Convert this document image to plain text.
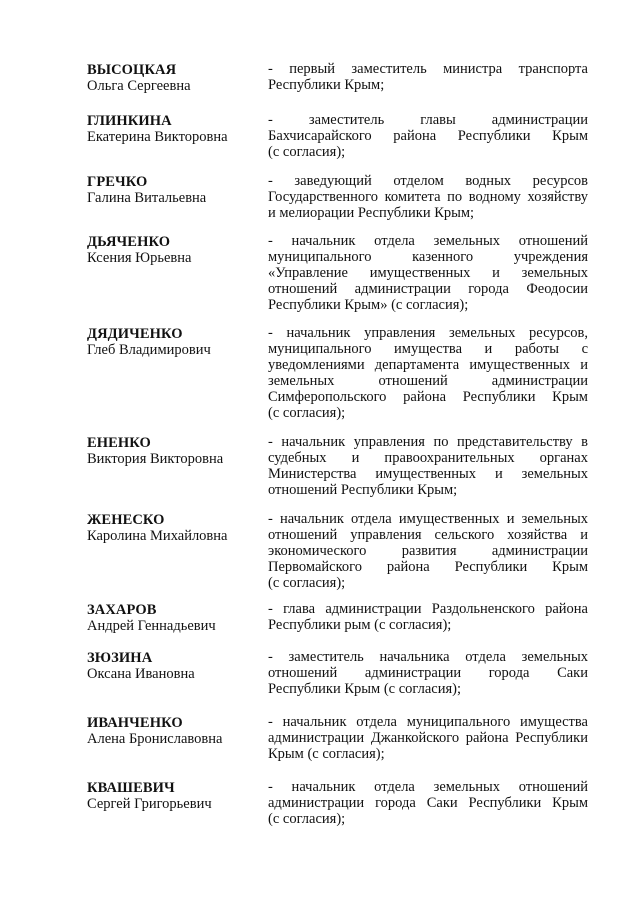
ВЫСОЦКАЯ
Ольга Сергеевна
- первый заместитель министра транспорта
Республики Крым;
ГЛИНКИНА
Екатерина Викторовна
- заместитель главы администрации
Бахчисарайского района Республики Крым
(с согласия);
ГРЕЧКО
Галина Витальевна
- заведующий отделом водных ресурсов
Государственного комитета по водному хозяйству
и мелиорации Республики Крым;
ДЬЯЧЕНКО
Ксения Юрьевна
- начальник отдела земельных отношений
муниципального казенного учреждения
«Управление имущественных и земельных
отношений администрации города Феодосии
Республики Крым» (с согласия);
ДЯДИЧЕНКО
Глеб Владимирович
- начальник управления земельных ресурсов,
муниципального имущества и работы с
уведомлениями департамента имущественных и
земельных отношений администрации
Симферопольского района Республики Крым
(с согласия);
ЕНЕНКО
Виктория Викторовна
- начальник управления по представительству в
судебных и правоохранительных органах
Министерства имущественных и земельных
отношений Республики Крым;
ЖЕНЕСКО
Каролина Михайловна
- начальник отдела имущественных и земельных
отношений управления сельского хозяйства и
экономического развития администрации
Первомайского района Республики Крым
(с согласия);
ЗАХАРОВ
Андрей Геннадьевич
- глава администрации Раздольненского района
Республики рым (с согласия);
ЗЮЗИНА
Оксана Ивановна
- заместитель начальника отдела земельных
отношений администрации города Саки
Республики Крым (с согласия);
ИВАНЧЕНКО
Алена Брониславовна
- начальник отдела муниципального имущества
администрации Джанкойского района Республики
Крым (с согласия);
КВАШЕВИЧ
Сергей Григорьевич
- начальник отдела земельных отношений
администрации города Саки Республики Крым
(с согласия);
